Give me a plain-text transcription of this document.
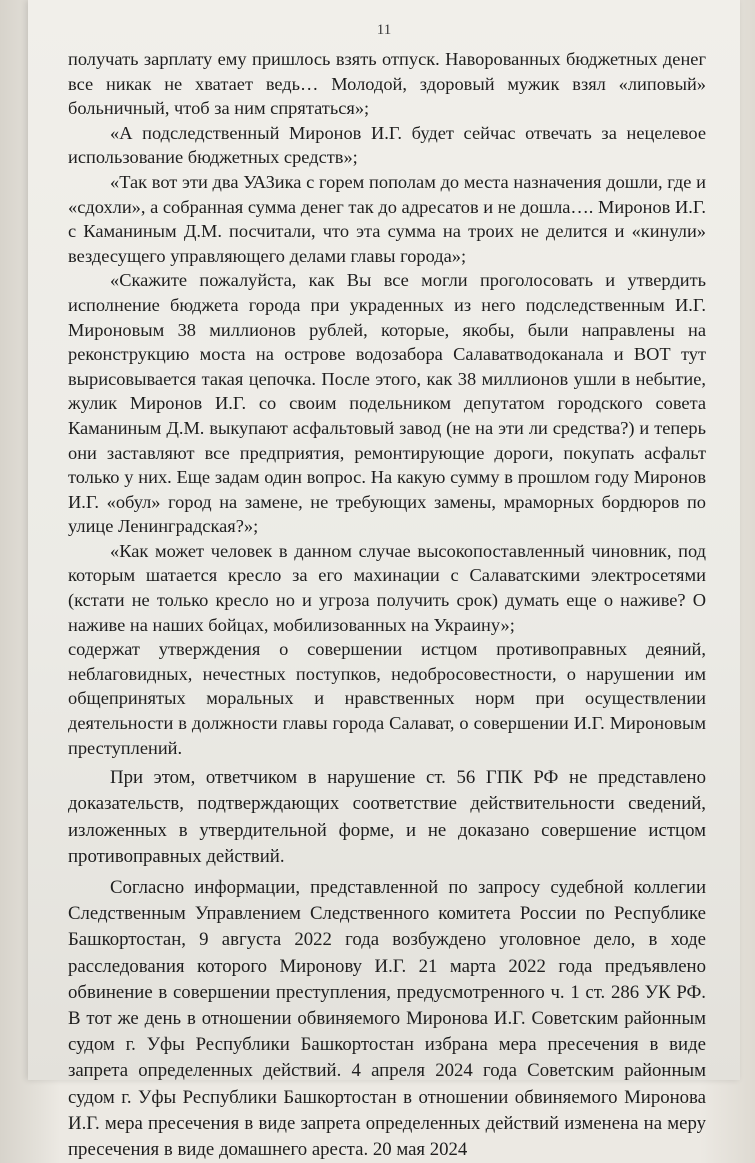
11

получать зарплату ему пришлось взять отпуск. Наворованных бюджетных денег все никак не хватает ведь… Молодой, здоровый мужик взял «липовый» больничный, чтоб за ним спрятаться»;

«А подследственный Миронов И.Г. будет сейчас отвечать за нецелевое использование бюджетных средств»;

«Так вот эти два УАЗика с горем пополам до места назначения дошли, где и «сдохли», а собранная сумма денег так до адресатов и не дошла…. Миронов И.Г. с Каманиным Д.М. посчитали, что эта сумма на троих не делится и «кинули» вездесущего управляющего делами главы города»;

«Скажите пожалуйста, как Вы все могли проголосовать и утвердить исполнение бюджета города при украденных из него подследственным И.Г. Мироновым 38 миллионов рублей, которые, якобы, были направлены на реконструкцию моста на острове водозабора Салаватводоканала и ВОТ тут вырисовывается такая цепочка. После этого, как 38 миллионов ушли в небытие, жулик Миронов И.Г. со своим подельником депутатом городского совета Каманиным Д.М. выкупают асфальтовый завод (не на эти ли средства?) и теперь они заставляют все предприятия, ремонтирующие дороги, покупать асфальт только у них. Еще задам один вопрос. На какую сумму в прошлом году Миронов И.Г. «обул» город на замене, не требующих замены, мраморных бордюров по улице Ленинградская?»;

«Как может человек в данном случае высокопоставленный чиновник, под которым шатается кресло за его махинации с Салаватскими электросетями (кстати не только кресло но и угроза получить срок) думать еще о наживе? О наживе на наших бойцах, мобилизованных на Украину»;

содержат утверждения о совершении истцом противоправных деяний, неблаговидных, нечестных поступков, недобросовестности, о нарушении им общепринятых моральных и нравственных норм при осуществлении деятельности в должности главы города Салават, о совершении И.Г. Мироновым преступлений.

При этом, ответчиком в нарушение ст. 56 ГПК РФ не представлено доказательств, подтверждающих соответствие действительности сведений, изложенных в утвердительной форме, и не доказано совершение истцом противоправных действий.

Согласно информации, представленной по запросу судебной коллегии Следственным Управлением Следственного комитета России по Республике Башкортостан, 9 августа 2022 года возбуждено уголовное дело, в ходе расследования которого Миронову И.Г. 21 марта 2022 года предъявлено обвинение в совершении преступления, предусмотренного ч. 1 ст. 286 УК РФ. В тот же день в отношении обвиняемого Миронова И.Г. Советским районным судом г. Уфы Республики Башкортостан избрана мера пресечения в виде запрета определенных действий. 4 апреля 2024 года Советским районным судом г. Уфы Республики Башкортостан в отношении обвиняемого Миронова И.Г. мера пресечения в виде запрета определенных действий изменена на меру пресечения в виде домашнего ареста. 20 мая 2024
